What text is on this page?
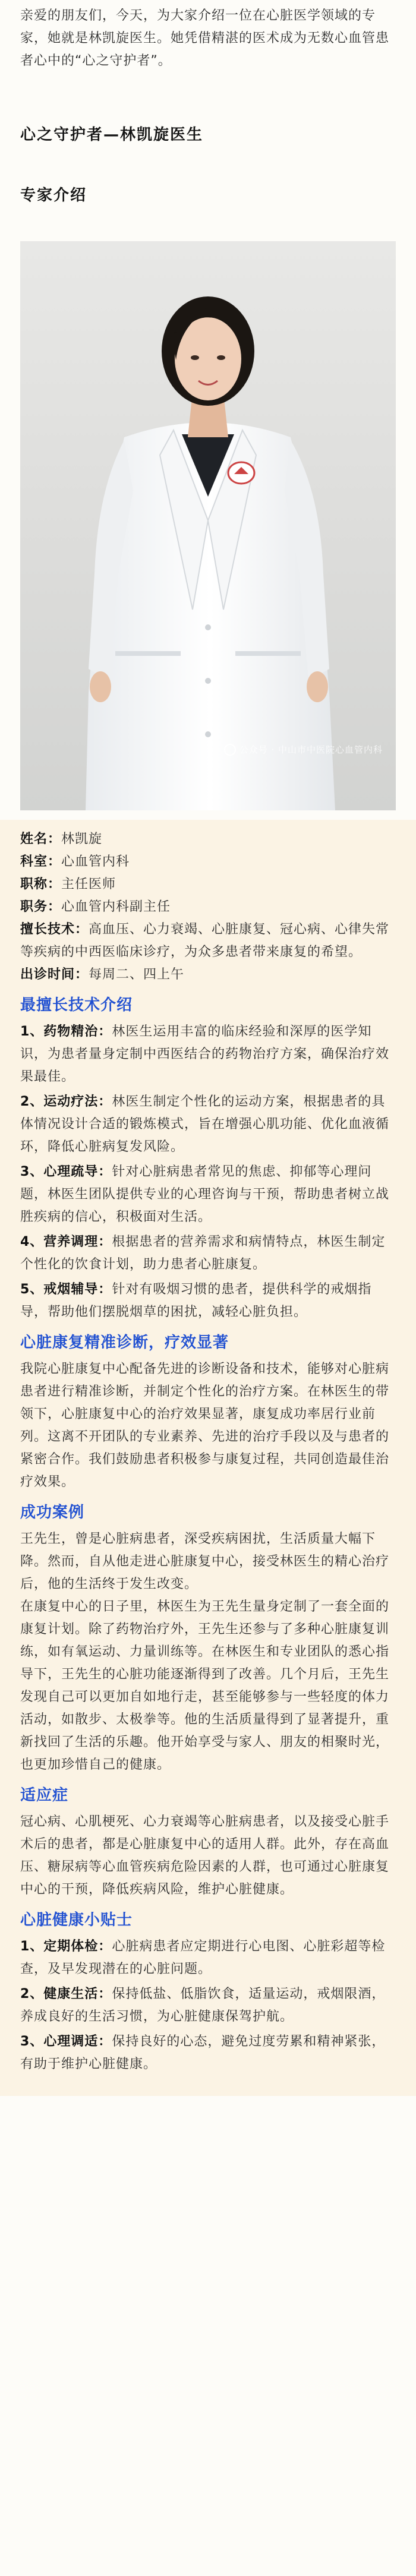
亲爱的朋友们，今天，为大家介绍一位在心脏医学领域的专家，她就是林凯旋医生。她凭借精湛的医术成为无数心血管患者心中的“心之守护者”。

心之守护者—林凯旋医生

专家介绍

公众号 · 中山市中医院心血管内科

姓名：林凯旋

科室：心血管内科

职称：主任医师

职务：心血管内科副主任

擅长技术：高血压、心力衰竭、心脏康复、冠心病、心律失常等疾病的中西医临床诊疗，为众多患者带来康复的希望。

出诊时间：每周二、四上午

最擅长技术介绍

1、药物精治：林医生运用丰富的临床经验和深厚的医学知识，为患者量身定制中西医结合的药物治疗方案，确保治疗效果最佳。

2、运动疗法：林医生制定个性化的运动方案，根据患者的具体情况设计合适的锻炼模式，旨在增强心肌功能、优化血液循环，降低心脏病复发风险。

3、心理疏导：针对心脏病患者常见的焦虑、抑郁等心理问题，林医生团队提供专业的心理咨询与干预，帮助患者树立战胜疾病的信心，积极面对生活。

4、营养调理：根据患者的营养需求和病情特点，林医生制定个性化的饮食计划，助力患者心脏康复。

5、戒烟辅导：针对有吸烟习惯的患者，提供科学的戒烟指导，帮助他们摆脱烟草的困扰，减轻心脏负担。

心脏康复精准诊断，疗效显著

我院心脏康复中心配备先进的诊断设备和技术，能够对心脏病患者进行精准诊断，并制定个性化的治疗方案。在林医生的带领下，心脏康复中心的治疗效果显著，康复成功率居行业前列。这离不开团队的专业素养、先进的治疗手段以及与患者的紧密合作。我们鼓励患者积极参与康复过程，共同创造最佳治疗效果。

成功案例

王先生，曾是心脏病患者，深受疾病困扰，生活质量大幅下降。然而，自从他走进心脏康复中心，接受林医生的精心治疗后，他的生活终于发生改变。

在康复中心的日子里，林医生为王先生量身定制了一套全面的康复计划。除了药物治疗外，王先生还参与了多种心脏康复训练，如有氧运动、力量训练等。在林医生和专业团队的悉心指导下，王先生的心脏功能逐渐得到了改善。几个月后，王先生发现自己可以更加自如地行走，甚至能够参与一些轻度的体力活动，如散步、太极拳等。他的生活质量得到了显著提升，重新找回了生活的乐趣。他开始享受与家人、朋友的相聚时光，也更加珍惜自己的健康。

适应症

冠心病、心肌梗死、心力衰竭等心脏病患者，以及接受心脏手术后的患者，都是心脏康复中心的适用人群。此外，存在高血压、糖尿病等心血管疾病危险因素的人群，也可通过心脏康复中心的干预，降低疾病风险，维护心脏健康。

心脏健康小贴士

1、定期体检：心脏病患者应定期进行心电图、心脏彩超等检查，及早发现潜在的心脏问题。

2、健康生活：保持低盐、低脂饮食，适量运动，戒烟限酒，养成良好的生活习惯，为心脏健康保驾护航。

3、心理调适：保持良好的心态，避免过度劳累和精神紧张，有助于维护心脏健康。
